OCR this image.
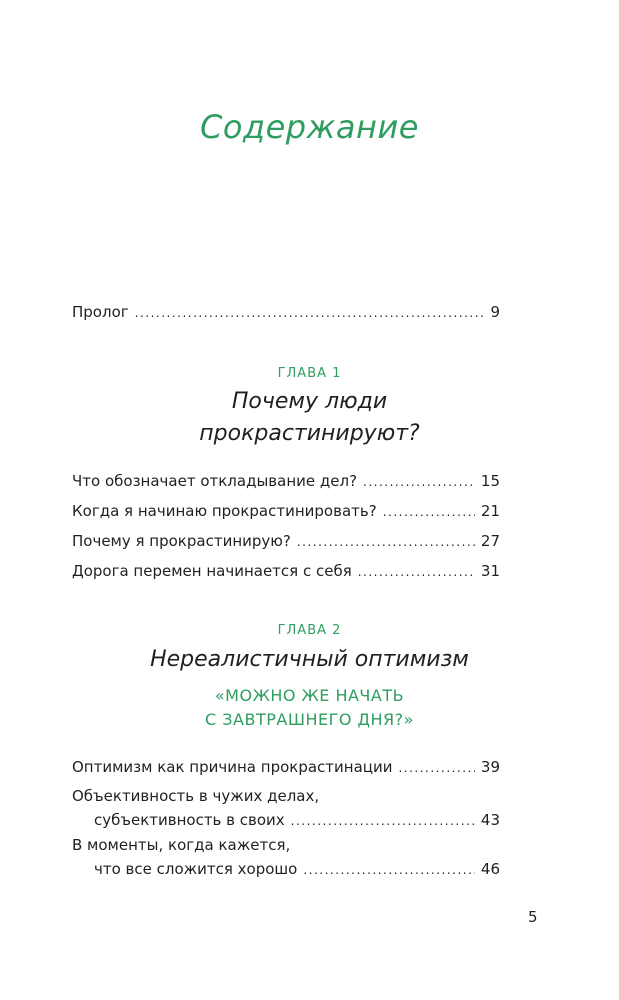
Содержание
Пролог .....	9
ГЛАВА 1
Почему люди
прокрастинируют?
Что обозначает откладывание дел? .....	15
Когда я начинаю прокрастинировать? .....	21
Почему я прокрастинирую? .....	27
Дорога перемен начинается с себя .....	31
ГЛАВА 2
Нереалистичный оптимизм
«МОЖНО ЖЕ НАЧАТЬ
С ЗАВТРАШНЕГО ДНЯ?»
Оптимизм как причина прокрастинации .....	39
Объективность в чужих делах,
субъективность в своих .....	43
В моменты, когда кажется,
что все сложится хорошо .....	46
5
